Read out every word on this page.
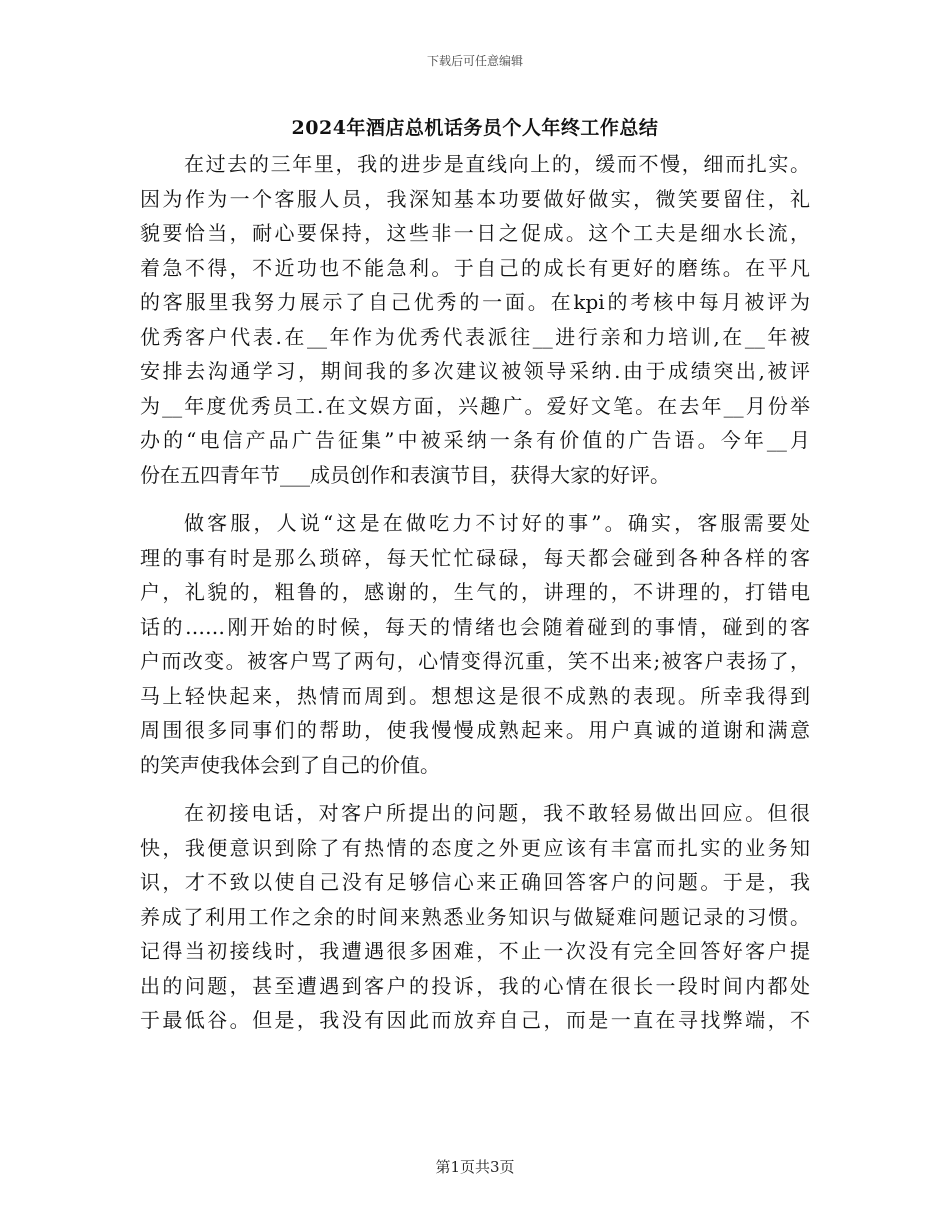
下载后可任意编辑
2024年酒店总机话务员个人年终工作总结
在过去的三年里，我的进步是直线向上的，缓而不慢，细而扎实。
因为作为一个客服人员，我深知基本功要做好做实，微笑要留住，礼
貌要恰当，耐心要保持，这些非一日之促成。这个工夫是细水长流，
着急不得，不近功也不能急利。于自己的成长有更好的磨练。在平凡
的客服里我努力展示了自己优秀的一面。在kpi的考核中每月被评为
优秀客户代表.在__年作为优秀代表派往__进行亲和力培训,在__年被
安排去沟通学习，期间我的多次建议被领导采纳.由于成绩突出,被评
为__年度优秀员工.在文娱方面，兴趣广。爱好文笔。在去年__月份举
办的“电信产品广告征集”中被采纳一条有价值的广告语。今年__月
份在五四青年节___成员创作和表演节目，获得大家的好评。
做客服，人说“这是在做吃力不讨好的事”。确实，客服需要处
理的事有时是那么琐碎，每天忙忙碌碌，每天都会碰到各种各样的客
户，礼貌的，粗鲁的，感谢的，生气的，讲理的，不讲理的，打错电
话的……刚开始的时候，每天的情绪也会随着碰到的事情，碰到的客
户而改变。被客户骂了两句，心情变得沉重，笑不出来;被客户表扬了，
马上轻快起来，热情而周到。想想这是很不成熟的表现。所幸我得到
周围很多同事们的帮助，使我慢慢成熟起来。用户真诚的道谢和满意
的笑声使我体会到了自己的价值。
在初接电话，对客户所提出的问题，我不敢轻易做出回应。但很
快，我便意识到除了有热情的态度之外更应该有丰富而扎实的业务知
识，才不致以使自己没有足够信心来正确回答客户的问题。于是，我
养成了利用工作之余的时间来熟悉业务知识与做疑难问题记录的习惯。
记得当初接线时，我遭遇很多困难，不止一次没有完全回答好客户提
出的问题，甚至遭遇到客户的投诉，我的心情在很长一段时间内都处
于最低谷。但是，我没有因此而放弃自己，而是一直在寻找弊端，不
第1页共3页
